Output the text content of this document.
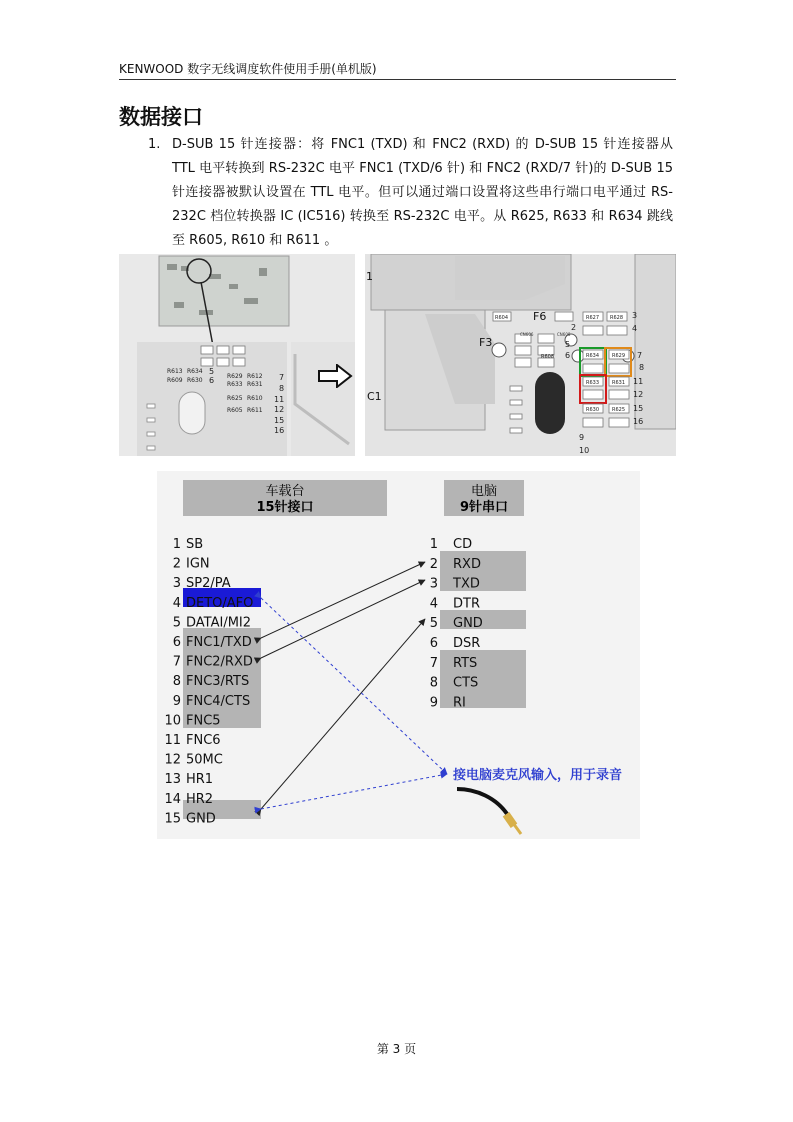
KENWOOD 数字无线调度软件使用手册(单机版)
数据接口
1. D-SUB 15 针连接器：将 FNC1 (TXD) 和 FNC2 (RXD) 的 D-SUB 15 针连接器从 TTL 电平转换到 RS-232C 电平 FNC1 (TXD/6 针) 和 FNC2 (RXD/7 针)的 D-SUB 15 针连接器被默认设置在 TTL 电平。但可以通过端口设置将这些串行端口电平通过 RS-232C 档位转换器 IC (IC516) 转换至 RS-232C 电平。从 R625, R633 和 R634 跳线至 R605, R610 和 R611 。
R613 R634
R629 R612
R609 R630
R633 R631
R625 R610
R605 R611
5
6	7
8
11
12
15
16
F6
F3
C1
1
CN606	CN608
R604	R627 R628
R634	R629
R633	R631
R630	R625
R608
2
3
4
5
6	7
8
11
12
15
16
9
10
车载台
15针接口
电脑
9针串口
1 SB
2 IGN
3 SP2/PA
4 DETO/AFO
5 DATAI/MI2
6 FNC1/TXD
7 FNC2/RXD
8 FNC3/RTS
9 FNC4/CTS
10 FNC5
11 FNC6
12 50MC
13 HR1
14 HR2
15 GND
1 CD
2 RXD
3 TXD
4 DTR
5 GND
6 DSR
7 RTS
8 CTS
9 RI
接电脑麦克风输入，用于录音
第 3 页
